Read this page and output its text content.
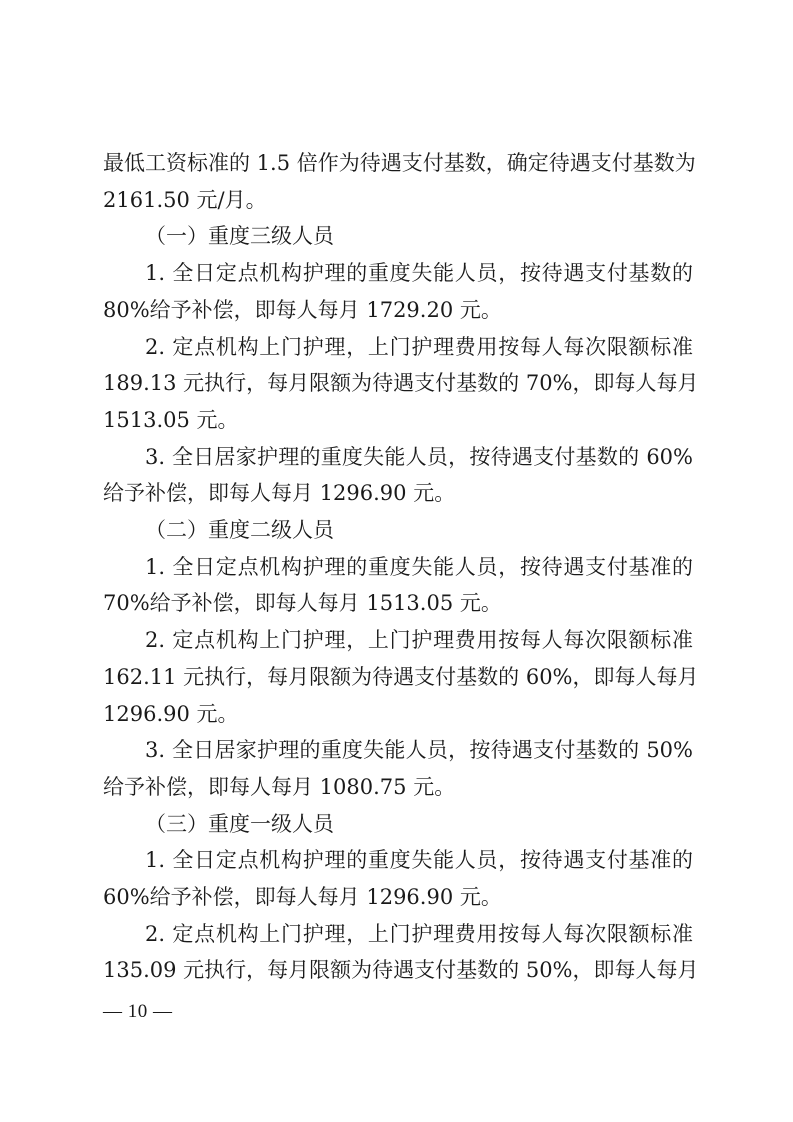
最低工资标准的 1.5 倍作为待遇支付基数，确定待遇支付基数为
2161.50 元/月。
（一）重度三级人员
1. 全日定点机构护理的重度失能人员，按待遇支付基数的
80%给予补偿，即每人每月 1729.20 元。
2. 定点机构上门护理，上门护理费用按每人每次限额标准
189.13 元执行，每月限额为待遇支付基数的 70%，即每人每月
1513.05 元。
3. 全日居家护理的重度失能人员，按待遇支付基数的 60%
给予补偿，即每人每月 1296.90 元。
（二）重度二级人员
1. 全日定点机构护理的重度失能人员，按待遇支付基准的
70%给予补偿，即每人每月 1513.05 元。
2. 定点机构上门护理，上门护理费用按每人每次限额标准
162.11 元执行，每月限额为待遇支付基数的 60%，即每人每月
1296.90 元。
3. 全日居家护理的重度失能人员，按待遇支付基数的 50%
给予补偿，即每人每月 1080.75 元。
（三）重度一级人员
1. 全日定点机构护理的重度失能人员，按待遇支付基准的
60%给予补偿，即每人每月 1296.90 元。
2. 定点机构上门护理，上门护理费用按每人每次限额标准
135.09 元执行，每月限额为待遇支付基数的 50%，即每人每月
— 10 —
